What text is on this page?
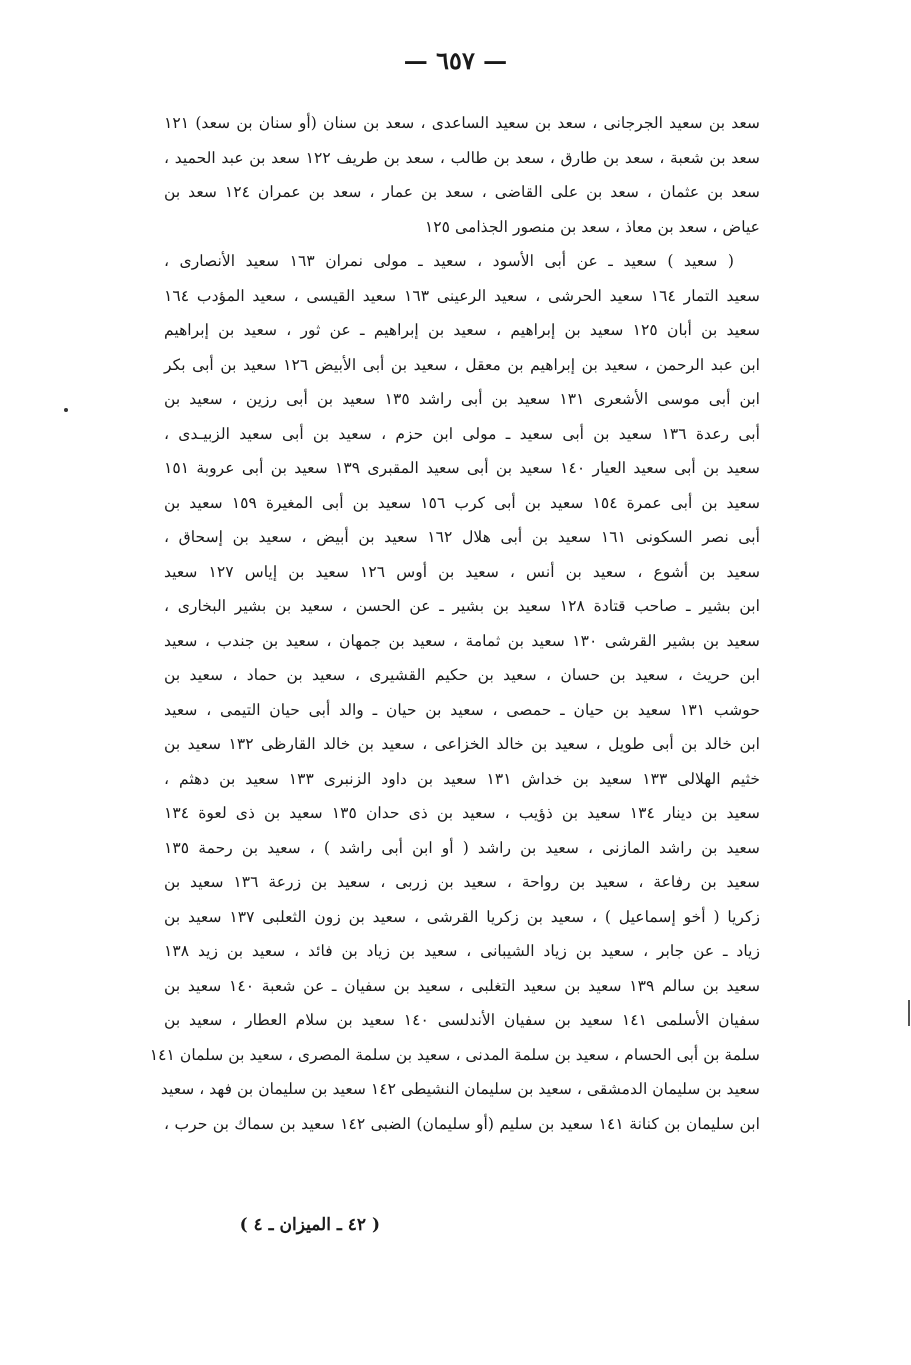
— ٦٥٧ —
سعد بن سعيد الجرجانى ، سعد بن سعيد الساعدى ، سعد بن سنان (أو سنان بن سعد) ١٢١
سعد بن شعبة ، سعد بن طارق ، سعد بن طالب ، سعد بن طريف ١٢٢ سعد بن عبد الحميد ،
سعد بن عثمان ، سعد بن على القاضى ، سعد بن عمار ، سعد بن عمران ١٢٤ سعد بن
عياض ، سعد بن معاذ ، سعد بن منصور الجذامى ١٢٥
( سعيد ) سعيد ـ عن أبى الأسود ، سعيد ـ مولى نمران ١٦٣ سعيد الأنصارى ،
سعيد التمار ١٦٤ سعيد الحرشى ، سعيد الرعينى ١٦٣ سعيد القيسى ، سعيد المؤدب ١٦٤
سعيد بن أبان ١٢٥ سعيد بن إبراهيم ، سعيد بن إبراهيم ـ عن ثور ، سعيد بن إبراهيم
ابن عبد الرحمن ، سعيد بن إبراهيم بن معقل ، سعيد بن أبى الأبيض ١٢٦ سعيد بن أبى بكر
ابن أبى موسى الأشعرى ١٣١ سعيد بن أبى راشد ١٣٥ سعيد بن أبى رزين ، سعيد بن
أبى رعدة ١٣٦ سعيد بن أبى سعيد ـ مولى ابن حزم ، سعيد بن أبى سعيد الزبيـدى ،
سعيد بن أبى سعيد العيار ١٤٠ سعيد بن أبى سعيد المقبرى ١٣٩ سعيد بن أبى عروبة ١٥١
سعيد بن أبى عمرة ١٥٤ سعيد بن أبى كرب ١٥٦ سعيد بن أبى المغيرة ١٥٩ سعيد بن
أبى نصر السكونى ١٦١ سعيد بن أبى هلال ١٦٢ سعيد بن أبيض ، سعيد بن إسحاق ،
سعيد بن أشوع ، سعيد بن أنس ، سعيد بن أوس ١٢٦ سعيد بن إياس ١٢٧ سعيد
ابن بشير ـ صاحب قتادة ١٢٨ سعيد بن بشير ـ عن الحسن ، سعيد بن بشير البخارى ،
سعيد بن بشير القرشى ١٣٠ سعيد بن ثمامة ، سعيد بن جمهان ، سعيد بن جندب ، سعيد
ابن حريث ، سعيد بن حسان ، سعيد بن حكيم القشيرى ، سعيد بن حماد ، سعيد بن
حوشب ١٣١ سعيد بن حيان ـ حمصى ، سعيد بن حيان ـ والد أبى حيان التيمى ، سعيد
ابن خالد بن أبى طويل ، سعيد بن خالد الخزاعى ، سعيد بن خالد القارظى ١٣٢ سعيد بن
خثيم الهلالى ١٣٣ سعيد بن خداش ١٣١ سعيد بن داود الزنبرى ١٣٣ سعيد بن دهثم ،
سعيد بن دينار ١٣٤ سعيد بن ذؤيب ، سعيد بن ذى حدان ١٣٥ سعيد بن ذى لعوة ١٣٤
سعيد بن راشد المازنى ، سعيد بن راشد ( أو ابن أبى راشد ) ، سعيد بن رحمة ١٣٥
سعيد بن رفاعة ، سعيد بن رواحة ، سعيد بن زربى ، سعيد بن زرعة ١٣٦ سعيد بن
زكريا ( أخو إسماعيل ) ، سعيد بن زكريا القرشى ، سعيد بن زون الثعلبى ١٣٧ سعيد بن
زياد ـ عن جابر ، سعيد بن زياد الشيبانى ، سعيد بن زياد بن فائد ، سعيد بن زيد ١٣٨
سعيد بن سالم ١٣٩ سعيد بن سعيد التغلبى ، سعيد بن سفيان ـ عن شعبة ١٤٠ سعيد بن
سفيان الأسلمى ١٤١ سعيد بن سفيان الأندلسى ١٤٠ سعيد بن سلام العطار ، سعيد بن
سلمة بن أبى الحسام ، سعيد بن سلمة المدنى ، سعيد بن سلمة المصرى ، سعيد بن سلمان ١٤١
سعيد بن سليمان الدمشقى ، سعيد بن سليمان النشيطى ١٤٢ سعيد بن سليمان بن فهد ، سعيد
ابن سليمان بن كنانة ١٤١ سعيد بن سليم (أو سليمان) الضبى ١٤٢ سعيد بن سماك بن حرب ،
( ٤٢ ـ الميزان ـ ٤ )
